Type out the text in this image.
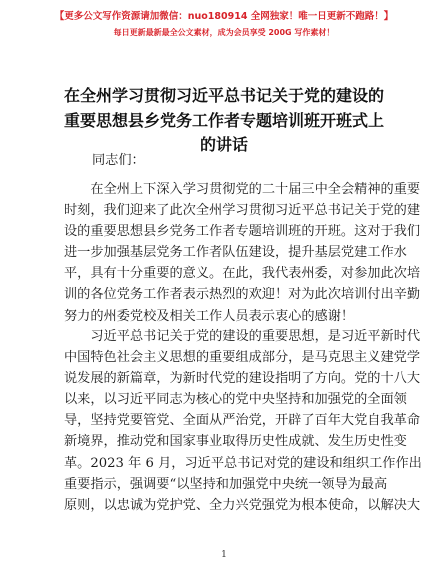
【更多公文写作资源请加微信：nuo180914 全网独家！唯一日更新不跑路！】
每日更新最新最全公文素材，成为会员享受 200G 写作素材！
在全州学习贯彻习近平总书记关于党的建设的
重要思想县乡党务工作者专题培训班开班式上
的讲话
同志们：

在全州上下深入学习贯彻党的二十届三中全会精神的重要
时刻，我们迎来了此次全州学习贯彻习近平总书记关于党的建
设的重要思想县乡党务工作者专题培训班的开班。这对于我们
进一步加强基层党务工作者队伍建设，提升基层党建工作水
平，具有十分重要的意义。在此，我代表州委，对参加此次培
训的各位党务工作者表示热烈的欢迎！对为此次培训付出辛勤
努力的州委党校及相关工作人员表示衷心的感谢！

习近平总书记关于党的建设的重要思想，是习近平新时代
中国特色社会主义思想的重要组成部分，是马克思主义建党学
说发展的新篇章，为新时代党的建设指明了方向。党的十八大
以来，以习近平同志为核心的党中央坚持和加强党的全面领
导，坚持党要管党、全面从严治党，开辟了百年大党自我革命
新境界，推动党和国家事业取得历史性成就、发生历史性变
革。2023 年 6 月，习近平总书记对党的建设和组织工作作出
重要指示，强调要“以坚持和加强党中央统一领导为最高
原则，以忠诚为党护党、全力兴党强党为根本使命，以解决大

1
